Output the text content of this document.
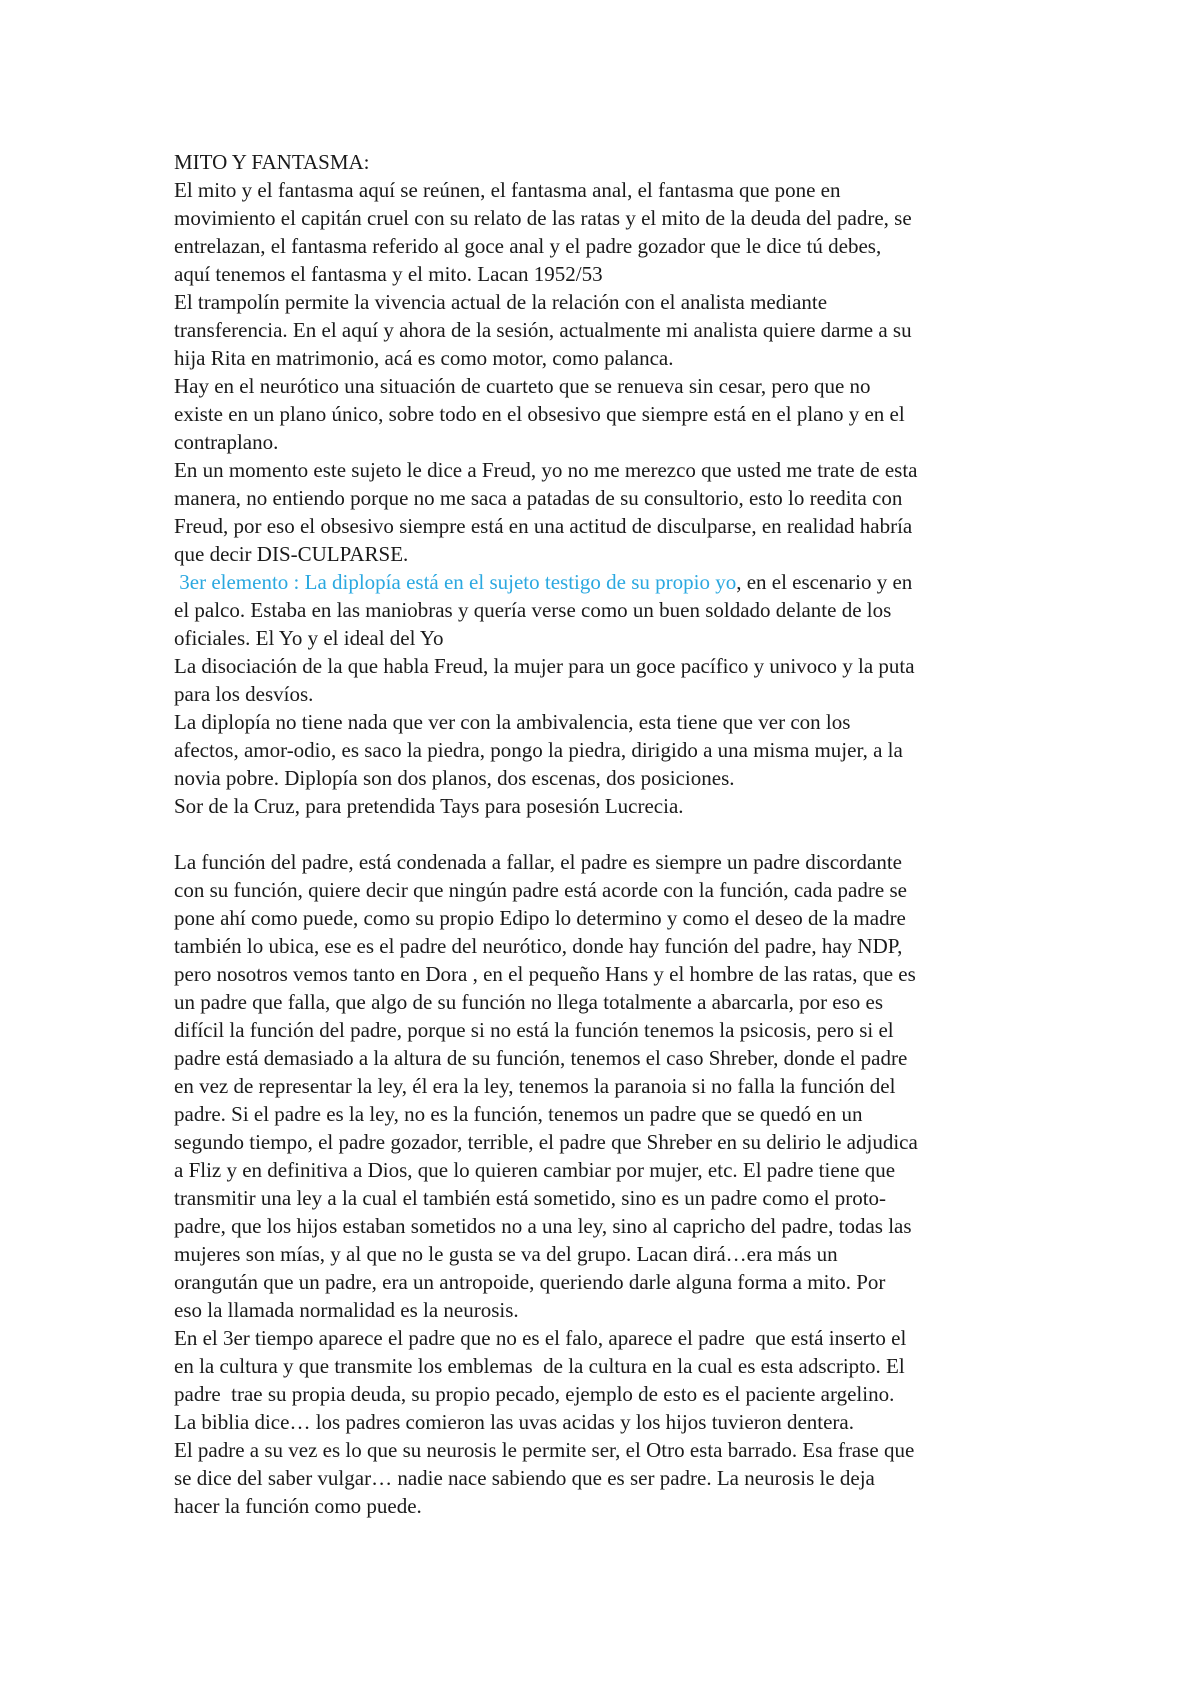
MITO Y FANTASMA:

El mito y el fantasma aquí se reúnen, el fantasma anal, el fantasma que pone en
movimiento el capitán cruel con su relato de las ratas y el mito de la deuda del padre, se
entrelazan, el fantasma referido al goce anal y el padre gozador que le dice tú debes,
aquí tenemos el fantasma y el mito. Lacan 1952/53

El trampolín permite la vivencia actual de la relación con el analista mediante
transferencia. En el aquí y ahora de la sesión, actualmente mi analista quiere darme a su
hija Rita en matrimonio, acá es como motor, como palanca.

Hay en el neurótico una situación de cuarteto que se renueva sin cesar, pero que no
existe en un plano único, sobre todo en el obsesivo que siempre está en el plano y en el
contraplano.

En un momento este sujeto le dice a Freud, yo no me merezco que usted me trate de esta
manera, no entiendo porque no me saca a patadas de su consultorio, esto lo reedita con
Freud, por eso el obsesivo siempre está en una actitud de disculparse, en realidad habría
que decir DIS-CULPARSE.

3er elemento : La diplopía está en el sujeto testigo de su propio yo, en el escenario y en
el palco. Estaba en las maniobras y quería verse como un buen soldado delante de los
oficiales. El Yo y el ideal del Yo

La disociación de la que habla Freud, la mujer para un goce pacífico y univoco y la puta
para los desvíos.

La diplopía no tiene nada que ver con la ambivalencia, esta tiene que ver con los
afectos, amor-odio, es saco la piedra, pongo la piedra, dirigido a una misma mujer, a la
novia pobre. Diplopía son dos planos, dos escenas, dos posiciones.

Sor de la Cruz, para pretendida Tays para posesión Lucrecia.

La función del padre, está condenada a fallar, el padre es siempre un padre discordante
con su función, quiere decir que ningún padre está acorde con la función, cada padre se
pone ahí como puede, como su propio Edipo lo determino y como el deseo de la madre
también lo ubica, ese es el padre del neurótico, donde hay función del padre, hay NDP,
pero nosotros vemos tanto en Dora , en el pequeño Hans y el hombre de las ratas, que es
un padre que falla, que algo de su función no llega totalmente a abarcarla, por eso es
difícil la función del padre, porque si no está la función tenemos la psicosis, pero si el
padre está demasiado a la altura de su función, tenemos el caso Shreber, donde el padre
en vez de representar la ley, él era la ley, tenemos la paranoia si no falla la función del
padre. Si el padre es la ley, no es la función, tenemos un padre que se quedó en un
segundo tiempo, el padre gozador, terrible, el padre que Shreber en su delirio le adjudica
a Fliz y en definitiva a Dios, que lo quieren cambiar por mujer, etc. El padre tiene que
transmitir una ley a la cual el también está sometido, sino es un padre como el proto-
padre, que los hijos estaban sometidos no a una ley, sino al capricho del padre, todas las
mujeres son mías, y al que no le gusta se va del grupo. Lacan dirá…era más un
orangután que un padre, era un antropoide, queriendo darle alguna forma a mito. Por
eso la llamada normalidad es la neurosis.

En el 3er tiempo aparece el padre que no es el falo, aparece el padre  que está inserto el
en la cultura y que transmite los emblemas  de la cultura en la cual es esta adscripto. El
padre  trae su propia deuda, su propio pecado, ejemplo de esto es el paciente argelino.

La biblia dice… los padres comieron las uvas acidas y los hijos tuvieron dentera.

El padre a su vez es lo que su neurosis le permite ser, el Otro esta barrado. Esa frase que
se dice del saber vulgar… nadie nace sabiendo que es ser padre. La neurosis le deja
hacer la función como puede.
